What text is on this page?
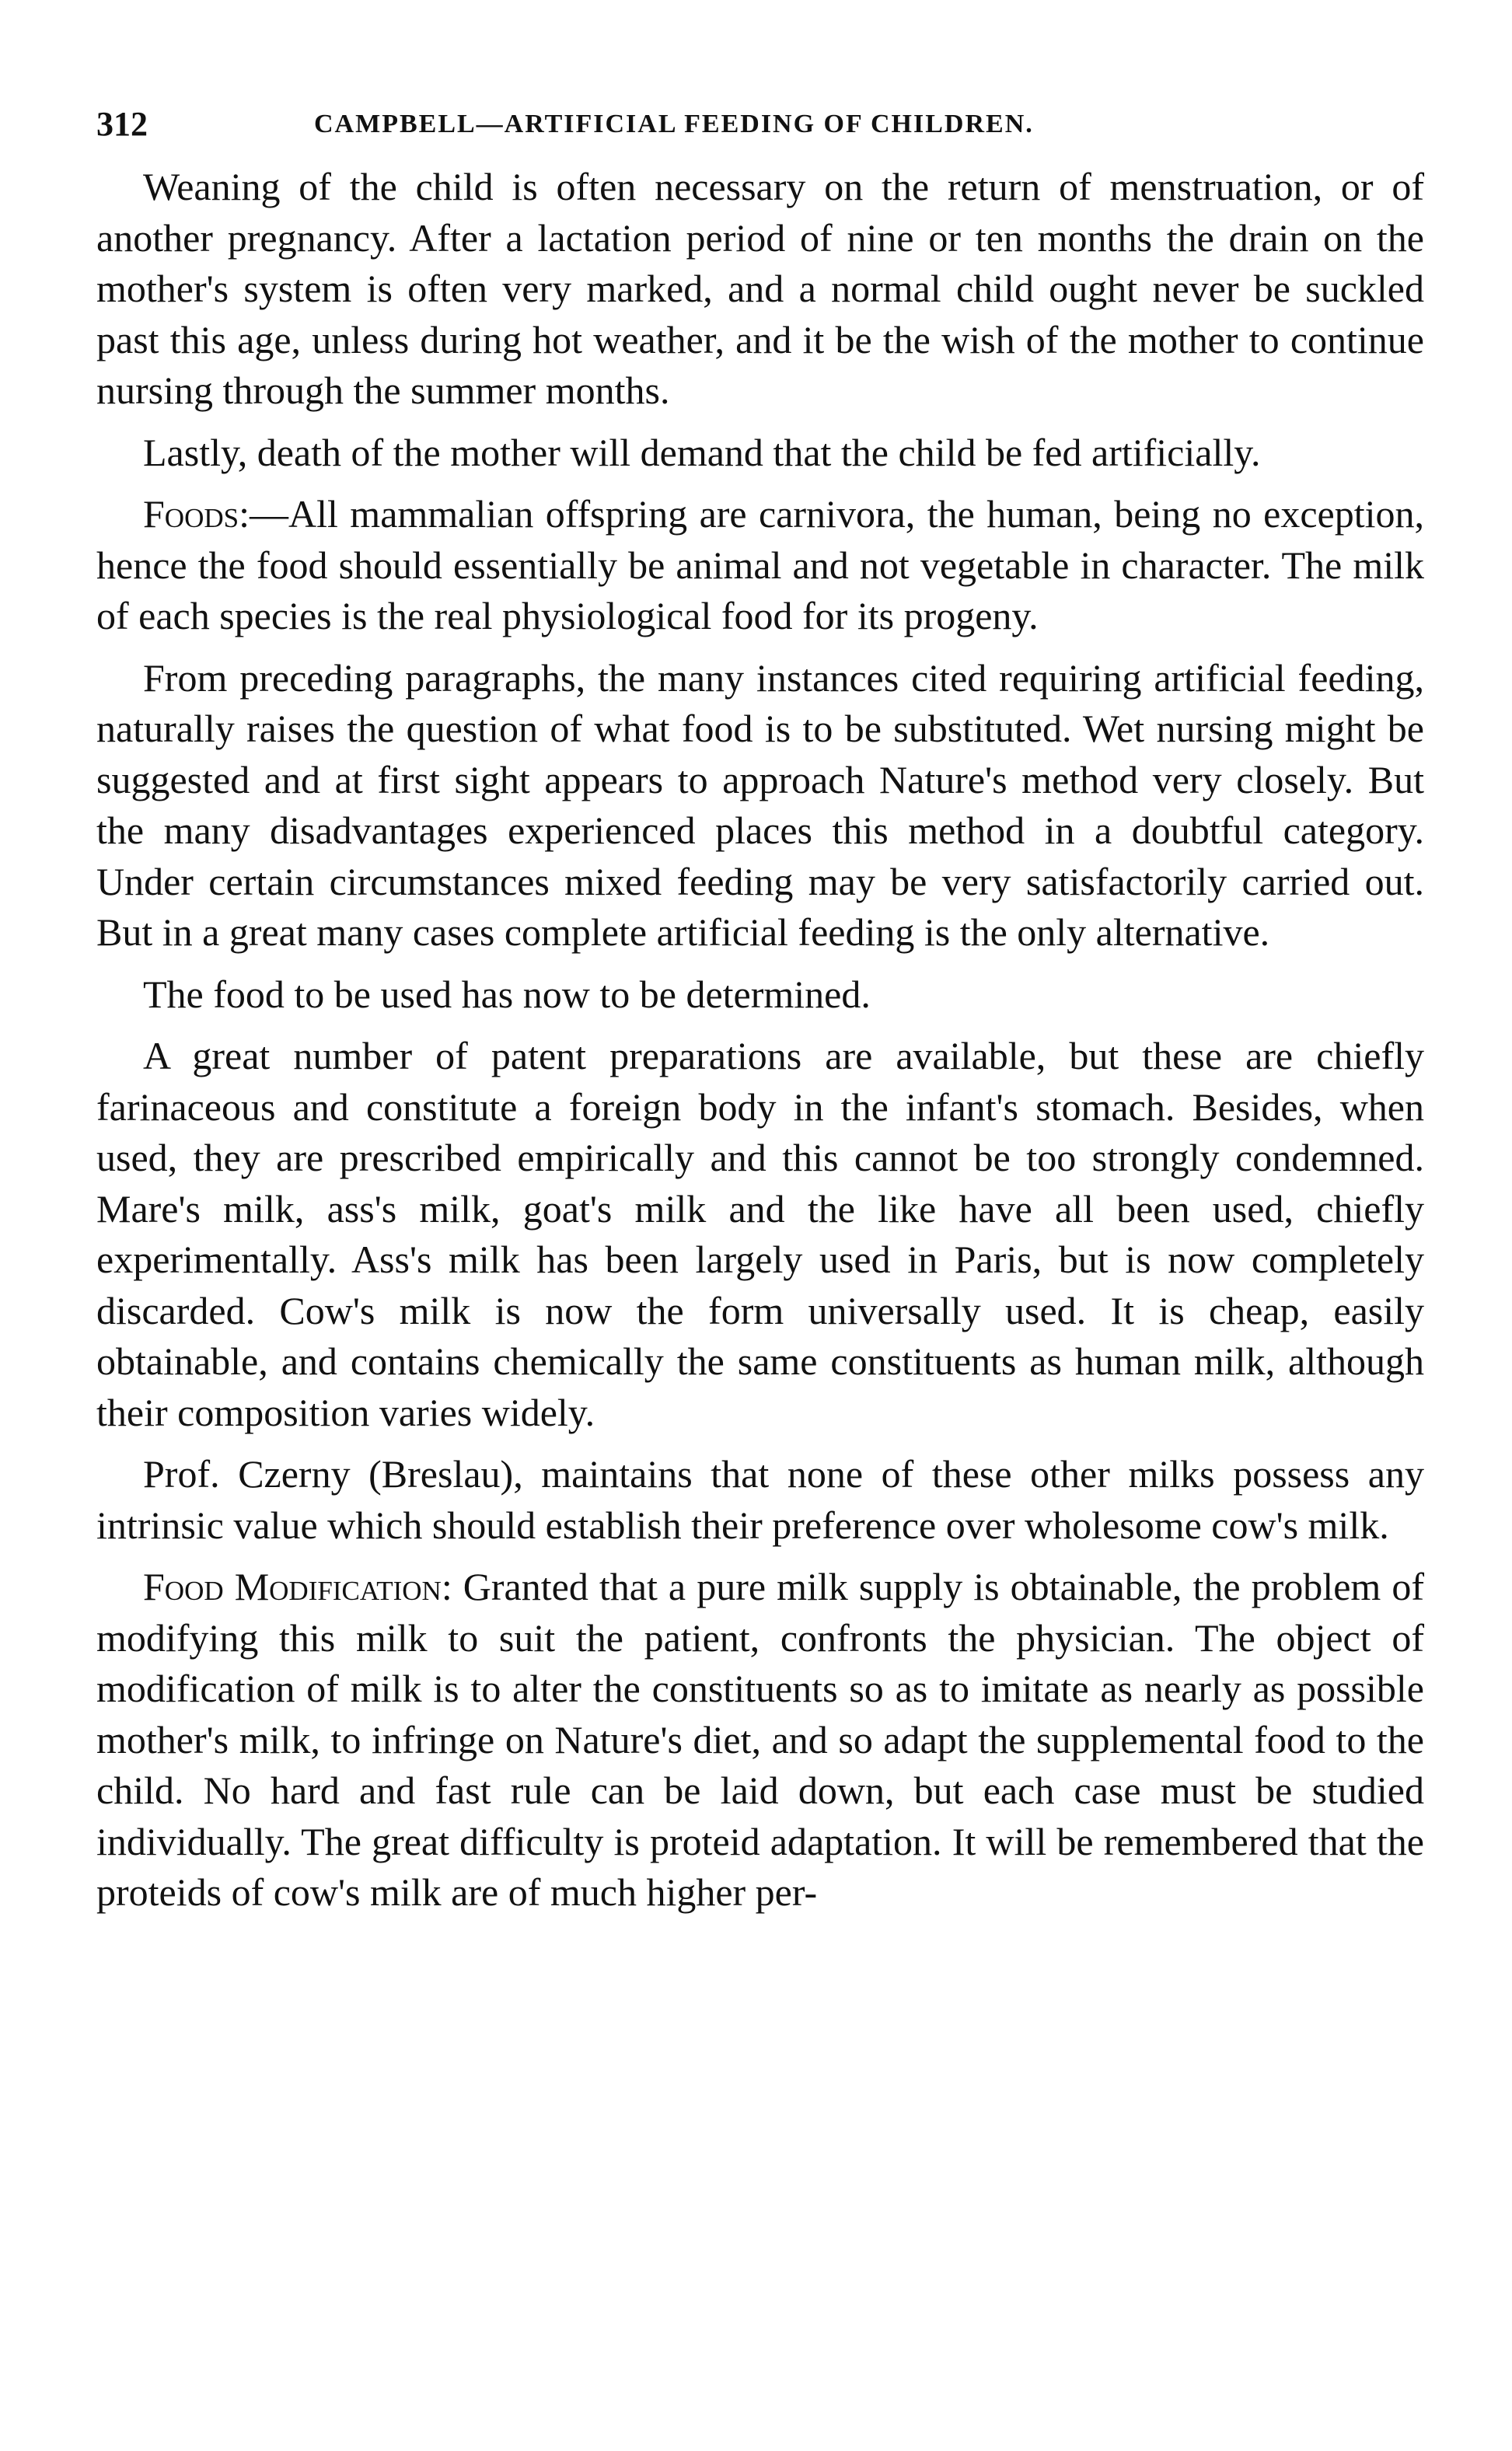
312	CAMPBELL—ARTIFICIAL FEEDING OF CHILDREN.

Weaning of the child is often necessary on the return of menstruation, or of another pregnancy. After a lactation period of nine or ten months the drain on the mother's system is often very marked, and a normal child ought never be suckled past this age, unless during hot weather, and it be the wish of the mother to continue nursing through the summer months.

Lastly, death of the mother will demand that the child be fed artificially.

Foods:—All mammalian offspring are carnivora, the human, being no exception, hence the food should essentially be animal and not vegetable in character. The milk of each species is the real physiological food for its progeny.

From preceding paragraphs, the many instances cited requiring artificial feeding, naturally raises the question of what food is to be substituted. Wet nursing might be suggested and at first sight appears to approach Nature's method very closely. But the many disadvantages experienced places this method in a doubtful category. Under certain circumstances mixed feeding may be very satisfactorily carried out. But in a great many cases complete artificial feeding is the only alternative.

The food to be used has now to be determined.

A great number of patent preparations are available, but these are chiefly farinaceous and constitute a foreign body in the infant's stomach. Besides, when used, they are prescribed empirically and this cannot be too strongly condemned. Mare's milk, ass's milk, goat's milk and the like have all been used, chiefly experimentally. Ass's milk has been largely used in Paris, but is now completely discarded. Cow's milk is now the form universally used. It is cheap, easily obtainable, and contains chemically the same constituents as human milk, although their composition varies widely.

Prof. Czerny (Breslau), maintains that none of these other milks possess any intrinsic value which should establish their preference over wholesome cow's milk.

Food Modification: Granted that a pure milk supply is obtainable, the problem of modifying this milk to suit the patient, confronts the physician. The object of modification of milk is to alter the constituents so as to imitate as nearly as possible mother's milk, to infringe on Nature's diet, and so adapt the supplemental food to the child. No hard and fast rule can be laid down, but each case must be studied individually. The great difficulty is proteid adaptation. It will be remembered that the proteids of cow's milk are of much higher per-
